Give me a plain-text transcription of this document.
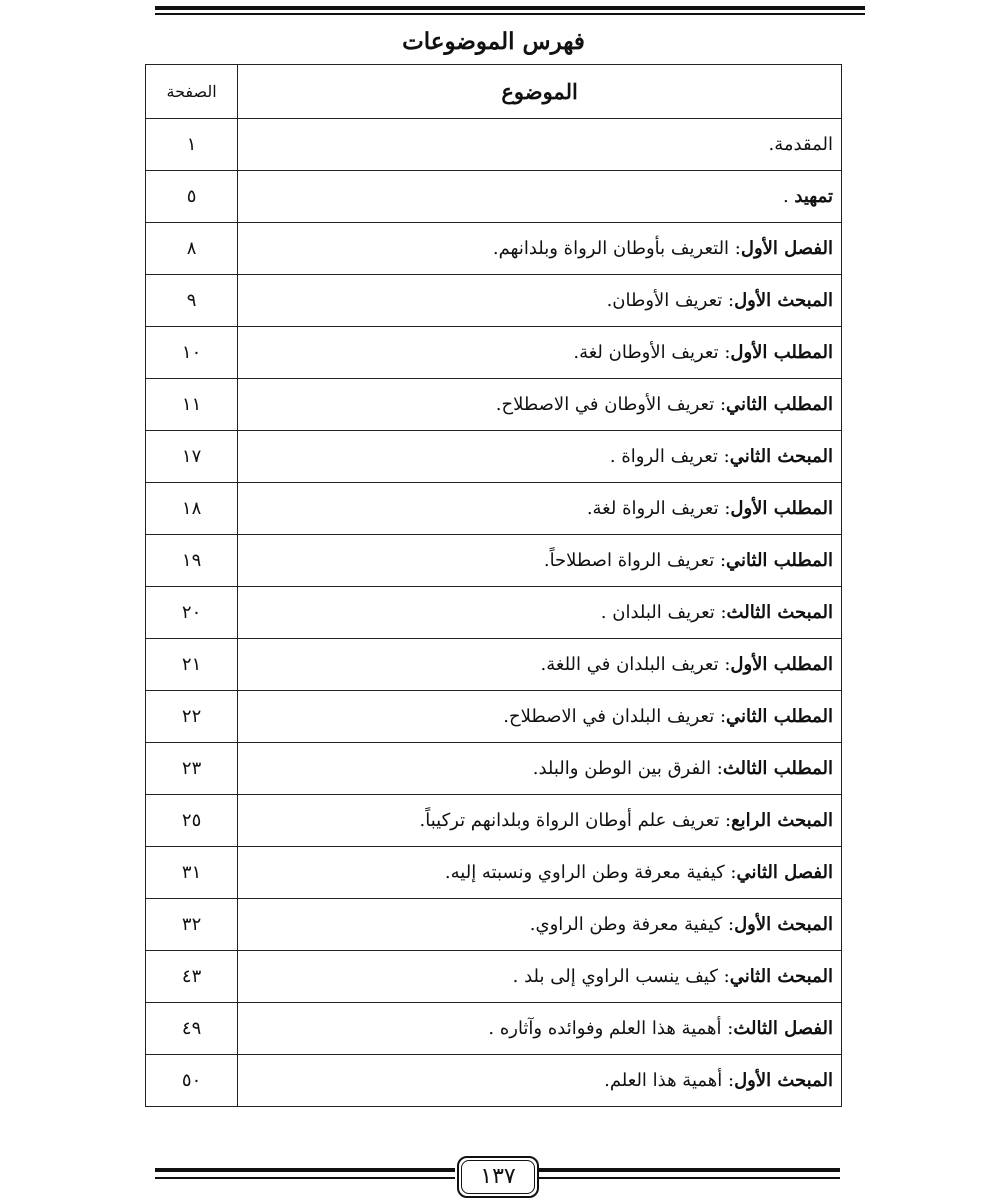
فهرس الموضوعات
الموضوع	الصفحة
المقدمة.	١
تمهيد .	٥
الفصل الأول: التعريف بأوطان الرواة وبلدانهم.	٨
المبحث الأول: تعريف الأوطان.	٩
المطلب الأول: تعريف الأوطان لغة.	١٠
المطلب الثاني: تعريف الأوطان في الاصطلاح.	١١
المبحث الثاني: تعريف الرواة .	١٧
المطلب الأول: تعريف الرواة لغة.	١٨
المطلب الثاني: تعريف الرواة اصطلاحاً.	١٩
المبحث الثالث: تعريف البلدان .	٢٠
المطلب الأول: تعريف البلدان في اللغة.	٢١
المطلب الثاني: تعريف البلدان في الاصطلاح.	٢٢
المطلب الثالث: الفرق بين الوطن والبلد.	٢٣
المبحث الرابع: تعريف علم أوطان الرواة وبلدانهم تركيباً.	٢٥
الفصل الثاني: كيفية معرفة وطن الراوي ونسبته إليه.	٣١
المبحث الأول: كيفية معرفة وطن الراوي.	٣٢
المبحث الثاني: كيف ينسب الراوي إلى بلد .	٤٣
الفصل الثالث: أهمية هذا العلم وفوائده وآثاره .	٤٩
المبحث الأول: أهمية هذا العلم.	٥٠
١٣٧
